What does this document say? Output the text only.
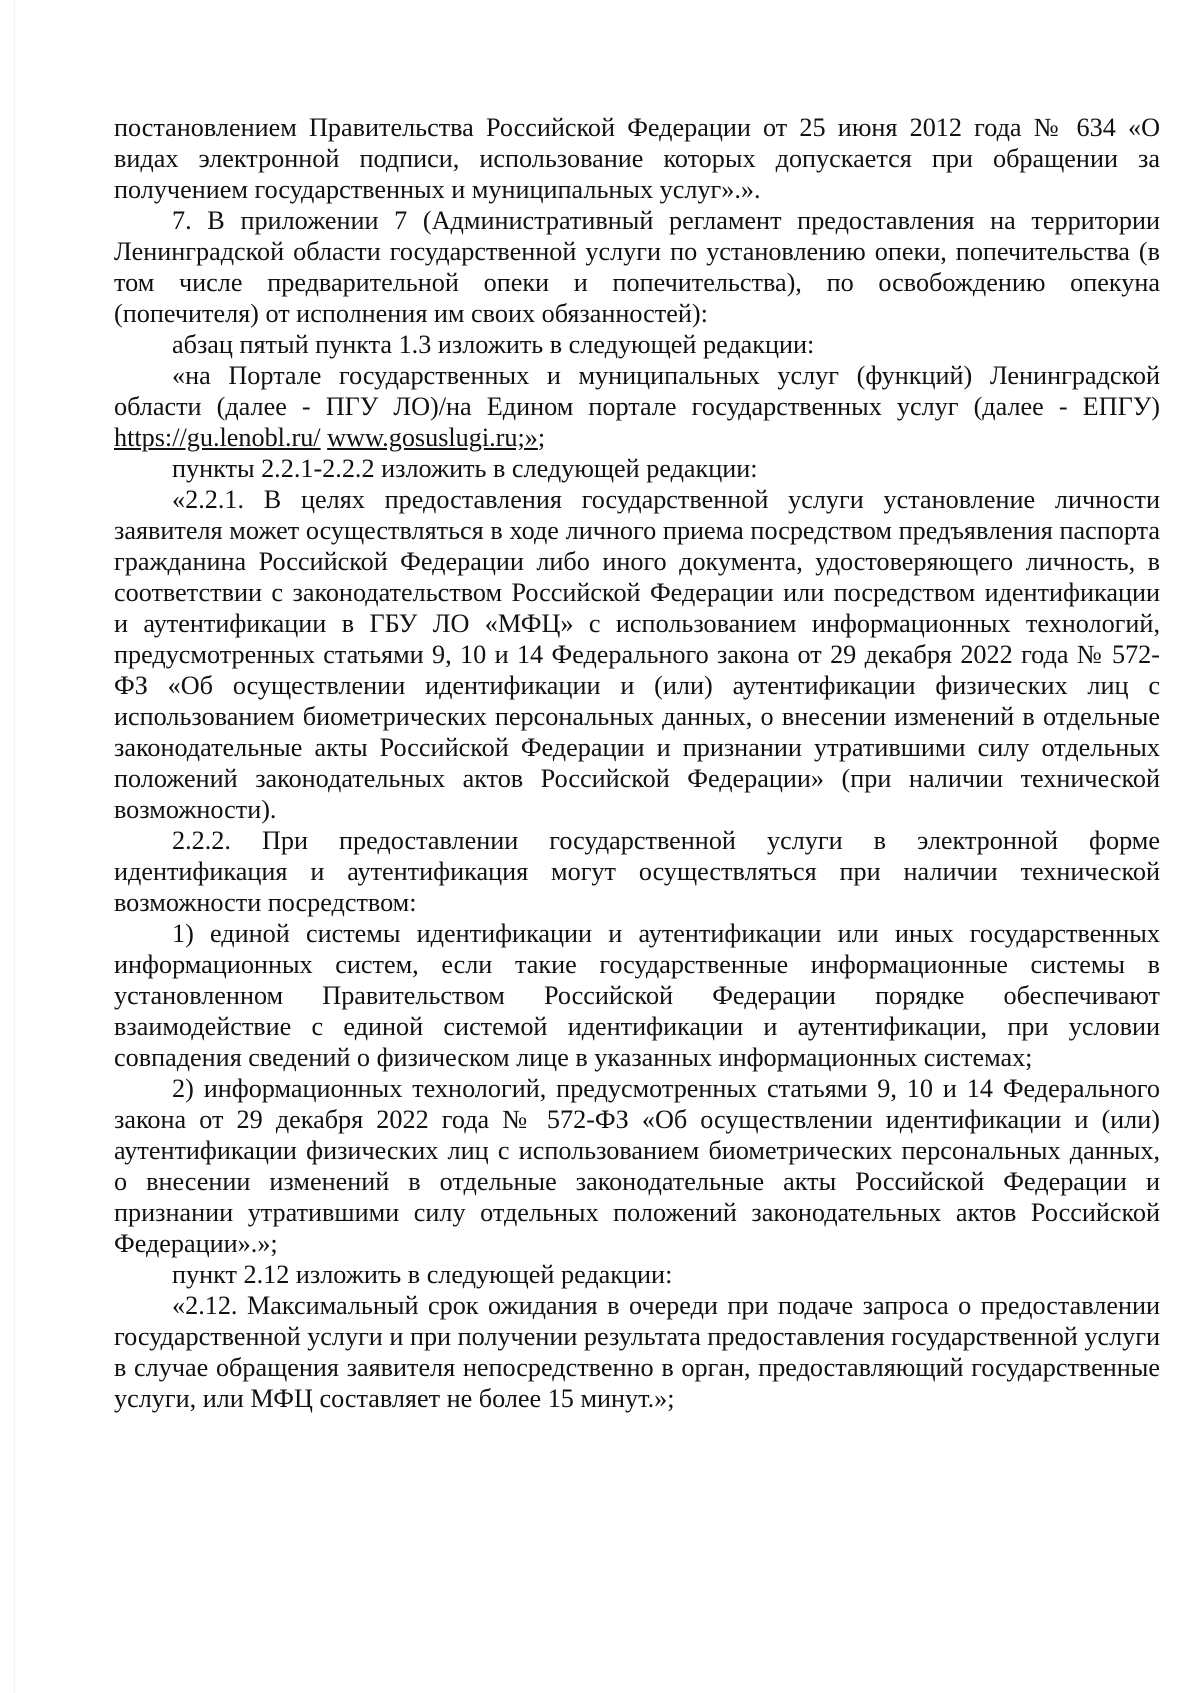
постановлением Правительства Российской Федерации от 25 июня 2012 года № 634 «О видах электронной подписи, использование которых допускается при обращении за получением государственных и муниципальных услуг».».

7. В приложении 7 (Административный регламент предоставления на территории Ленинградской области государственной услуги по установлению опеки, попечительства (в том числе предварительной опеки и попечительства), по освобождению опекуна (попечителя) от исполнения им своих обязанностей):

абзац пятый пункта 1.3 изложить в следующей редакции:

«на Портале государственных и муниципальных услуг (функций) Ленинградской области (далее - ПГУ ЛО)/на Едином портале государственных услуг (далее - ЕПГУ) https://gu.lenobl.ru/ www.gosuslugi.ru;»;

пункты 2.2.1-2.2.2 изложить в следующей редакции:

«2.2.1. В целях предоставления государственной услуги установление личности заявителя может осуществляться в ходе личного приема посредством предъявления паспорта гражданина Российской Федерации либо иного документа, удостоверяющего личность, в соответствии с законодательством Российской Федерации или посредством идентификации и аутентификации в ГБУ ЛО «МФЦ» с использованием информационных технологий, предусмотренных статьями 9, 10 и 14 Федерального закона от 29 декабря 2022 года № 572-ФЗ «Об осуществлении идентификации и (или) аутентификации физических лиц с использованием биометрических персональных данных, о внесении изменений в отдельные законодательные акты Российской Федерации и признании утратившими силу отдельных положений законодательных актов Российской Федерации» (при наличии технической возможности).

2.2.2. При предоставлении государственной услуги в электронной форме идентификация и аутентификация могут осуществляться при наличии технической возможности посредством:

1) единой системы идентификации и аутентификации или иных государственных информационных систем, если такие государственные информационные системы в установленном Правительством Российской Федерации порядке обеспечивают взаимодействие с единой системой идентификации и аутентификации, при условии совпадения сведений о физическом лице в указанных информационных системах;

2) информационных технологий, предусмотренных статьями 9, 10 и 14 Федерального закона от 29 декабря 2022 года № 572-ФЗ «Об осуществлении идентификации и (или) аутентификации физических лиц с использованием биометрических персональных данных, о внесении изменений в отдельные законодательные акты Российской Федерации и признании утратившими силу отдельных положений законодательных актов Российской Федерации».»;

пункт 2.12 изложить в следующей редакции:

«2.12. Максимальный срок ожидания в очереди при подаче запроса о предоставлении государственной услуги и при получении результата предоставления государственной услуги в случае обращения заявителя непосредственно в орган, предоставляющий государственные услуги, или МФЦ составляет не более 15 минут.»;
